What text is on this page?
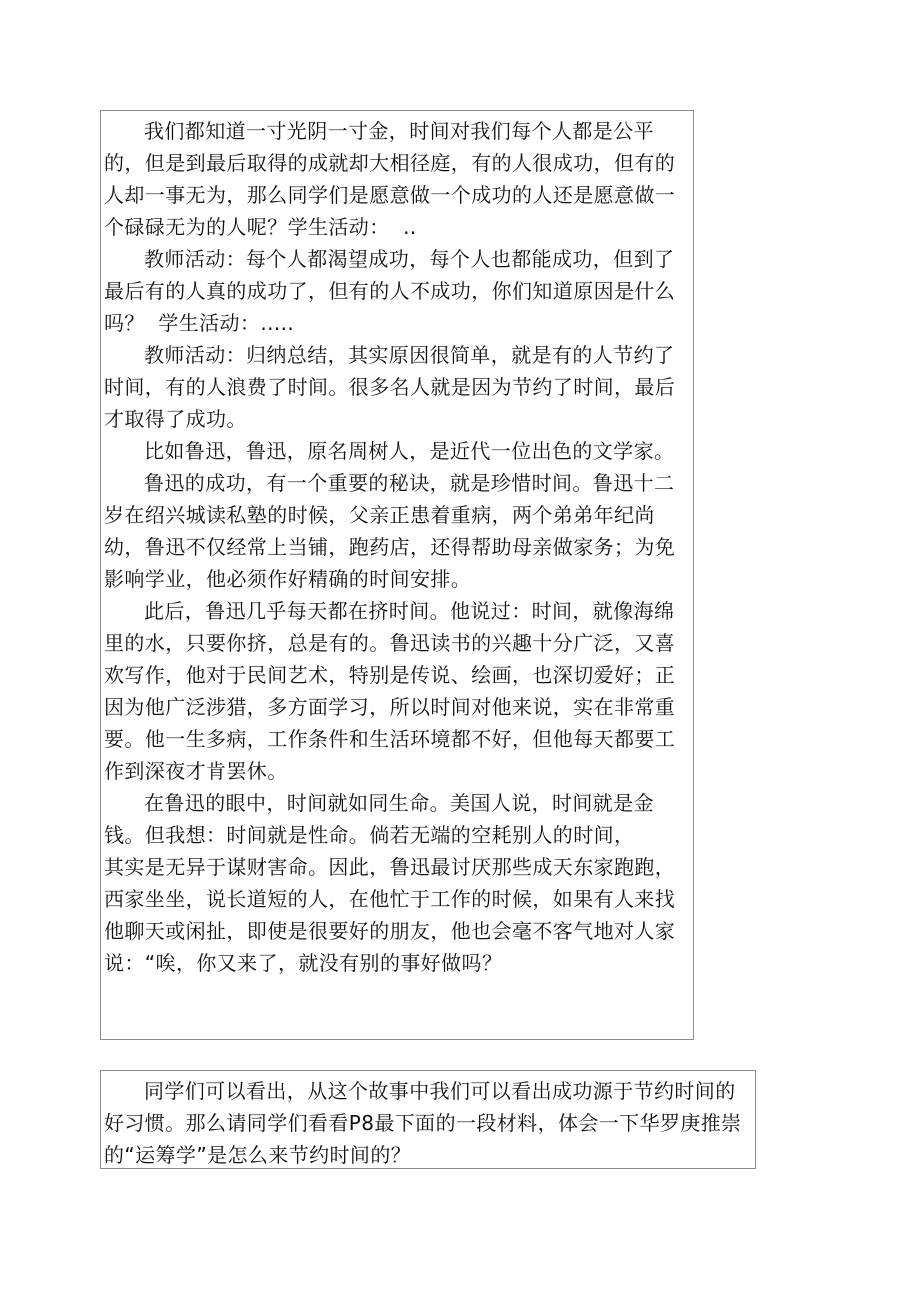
我们都知道一寸光阴一寸金，时间对我们每个人都是公平的，但是到最后取得的成就却大相径庭，有的人很成功，但有的人却一事无为，那么同学们是愿意做一个成功的人还是愿意做一个碌碌无为的人呢？学生活动：  ..

教师活动：每个人都渴望成功，每个人也都能成功，但到了最后有的人真的成功了，但有的人不成功，你们知道原因是什么吗？  学生活动：.....

教师活动：归纳总结，其实原因很简单，就是有的人节约了时间，有的人浪费了时间。很多名人就是因为节约了时间，最后才取得了成功。

比如鲁迅，鲁迅，原名周树人，是近代一位出色的文学家。

鲁迅的成功，有一个重要的秘诀，就是珍惜时间。鲁迅十二岁在绍兴城读私塾的时候，父亲正患着重病，两个弟弟年纪尚幼，鲁迅不仅经常上当铺，跑药店，还得帮助母亲做家务；为免影响学业，他必须作好精确的时间安排。

此后，鲁迅几乎每天都在挤时间。他说过：时间，就像海绵里的水，只要你挤，总是有的。鲁迅读书的兴趣十分广泛，又喜欢写作，他对于民间艺术，特别是传说、绘画，也深切爱好；正因为他广泛涉猎，多方面学习，所以时间对他来说，实在非常重要。他一生多病，工作条件和生活环境都不好，但他每天都要工作到深夜才肯罢休。

在鲁迅的眼中，时间就如同生命。美国人说，时间就是金钱。但我想：时间就是性命。倘若无端的空耗别人的时间，

其实是无异于谋财害命。因此，鲁迅最讨厌那些成天东家跑跑，西家坐坐，说长道短的人，在他忙于工作的时候，如果有人来找他聊天或闲扯，即使是很要好的朋友，他也会毫不客气地对人家说：“唉，你又来了，就没有别的事好做吗？

同学们可以看出，从这个故事中我们可以看出成功源于节约时间的好习惯。那么请同学们看看P8最下面的一段材料，体会一下华罗庚推崇的“运筹学”是怎么来节约时间的？
